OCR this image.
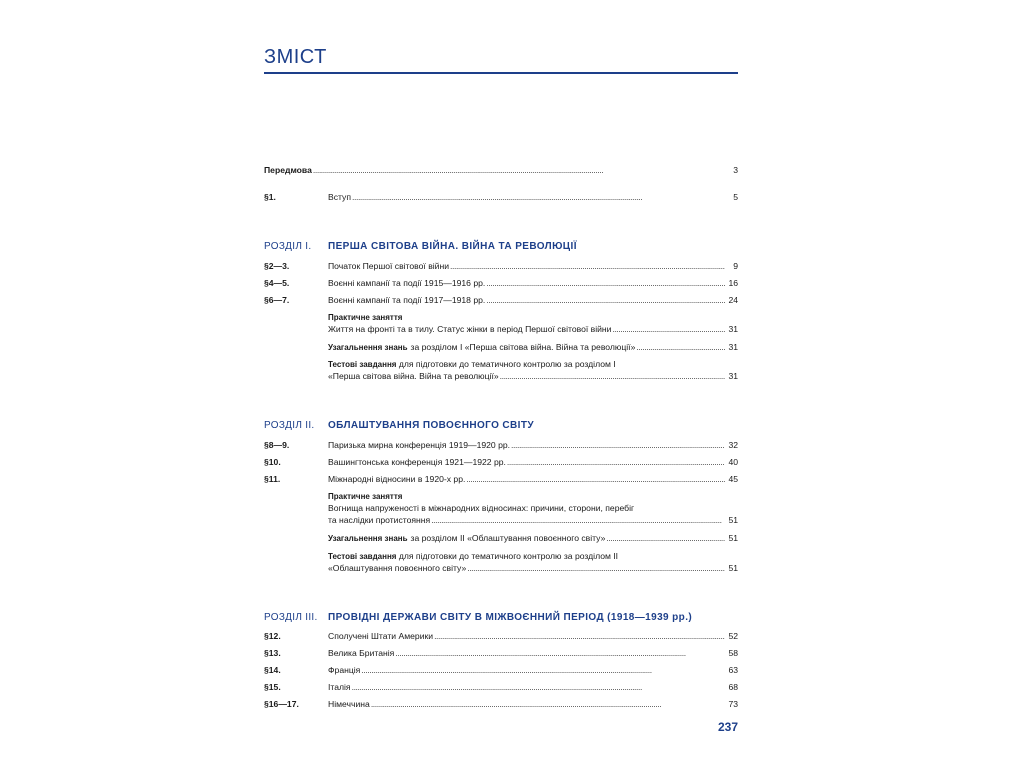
ЗМІСТ
Передмова . . .	3
§1.	Вступ . . .	5
РОЗДІЛ І.	ПЕРША СВІТОВА ВІЙНА. ВІЙНА ТА РЕВОЛЮЦІЇ
§2—3.	Початок Першої світової війни . . .	9
§4—5.	Воєнні кампанії та події 1915—1916 рр. . . .	16
§6—7.	Воєнні кампанії та події 1917—1918 рр. . . .	24
Практичне заняття
Життя на фронті та в тилу. Статус жінки в період Першої світової війни . . .	31
Узагальнення знань за розділом І «Перша світова війна. Війна та революції» . . .	31
Тестові завдання для підготовки до тематичного контролю за розділом І
«Перша світова війна. Війна та революції» . . .	31
РОЗДІЛ ІІ.	ОБЛАШТУВАННЯ ПОВОЄННОГО СВІТУ
§8—9.	Паризька мирна конференція 1919—1920 рр. . . .	32
§10.	Вашингтонська конференція 1921—1922 рр. . . .	40
§11.	Міжнародні відносини в 1920-х рр. . . .	45
Практичне заняття
Вогнища напруженості в міжнародних відносинах: причини, сторони, перебіг
та наслідки протистояння . . .	51
Узагальнення знань за розділом ІІ «Облаштування повоєнного світу» . . .	51
Тестові завдання для підготовки до тематичного контролю за розділом ІІ
«Облаштування повоєнного світу» . . .	51
РОЗДІЛ ІІІ.	ПРОВІДНІ ДЕРЖАВИ СВІТУ В МІЖВОЄННИЙ ПЕРІОД (1918—1939 рр.)
§12.	Сполучені Штати Америки . . .	52
§13.	Велика Британія . . .	58
§14.	Франція . . .	63
§15.	Італія . . .	68
§16—17.	Німеччина . . .	73
237
